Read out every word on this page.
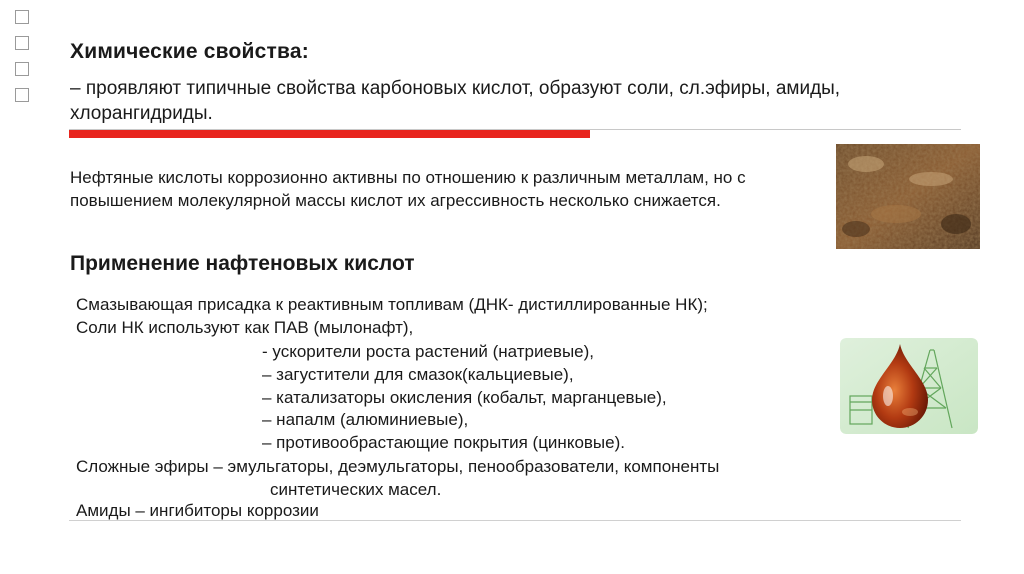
Химические свойства:
– проявляют типичные свойства карбоновых кислот, образуют соли, сл.эфиры, амиды, хлорангидриды.
Нефтяные кислоты коррозионно активны по отношению к различным металлам, но с повышением молекулярной массы кислот их агрессивность несколько снижается.
Применение нафтеновых кислот
Смазывающая присадка к реактивным топливам (ДНК- дистиллированные НК);
Соли НК используют как ПАВ (мылонафт),
- ускорители роста растений (натриевые),
– загустители для смазок(кальциевые),
– катализаторы окисления (кобальт, марганцевые),
– напалм (алюминиевые),
– противообрастающие покрытия (цинковые).
Сложные эфиры – эмульгаторы, деэмульгаторы, пенообразователи, компоненты
синтетических масел.
Амиды – ингибиторы коррозии
